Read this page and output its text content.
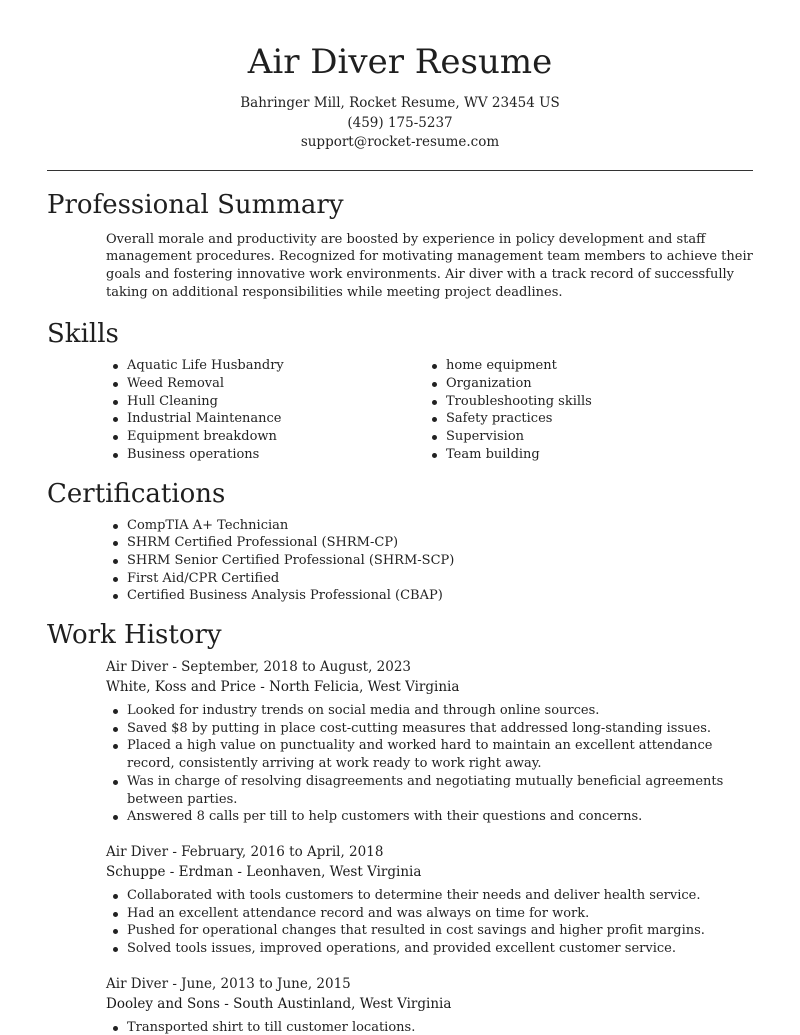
Air Diver Resume
Bahringer Mill, Rocket Resume, WV 23454 US
(459) 175-5237
support@rocket-resume.com
Professional Summary

Overall morale and productivity are boosted by experience in policy development and staff management procedures. Recognized for motivating management team members to achieve their goals and fostering innovative work environments. Air diver with a track record of successfully taking on additional responsibilities while meeting project deadlines.

Skills
Aquatic Life Husbandry
Weed Removal
Hull Cleaning
Industrial Maintenance
Equipment breakdown
Business operations
home equipment
Organization
Troubleshooting skills
Safety practices
Supervision
Team building
Certifications
CompTIA A+ Technician
SHRM Certified Professional (SHRM-CP)
SHRM Senior Certified Professional (SHRM-SCP)
First Aid/CPR Certified
Certified Business Analysis Professional (CBAP)
Work History
Air Diver - September, 2018 to August, 2023
White, Koss and Price - North Felicia, West Virginia
Looked for industry trends on social media and through online sources.
Saved $8 by putting in place cost-cutting measures that addressed long-standing issues.
Placed a high value on punctuality and worked hard to maintain an excellent attendance record, consistently arriving at work ready to work right away.
Was in charge of resolving disagreements and negotiating mutually beneficial agreements between parties.
Answered 8 calls per till to help customers with their questions and concerns.
Air Diver - February, 2016 to April, 2018
Schuppe - Erdman - Leonhaven, West Virginia
Collaborated with tools customers to determine their needs and deliver health service.
Had an excellent attendance record and was always on time for work.
Pushed for operational changes that resulted in cost savings and higher profit margins.
Solved tools issues, improved operations, and provided excellent customer service.
Air Diver - June, 2013 to June, 2015
Dooley and Sons - South Austinland, West Virginia
Transported shirt to till customer locations.
